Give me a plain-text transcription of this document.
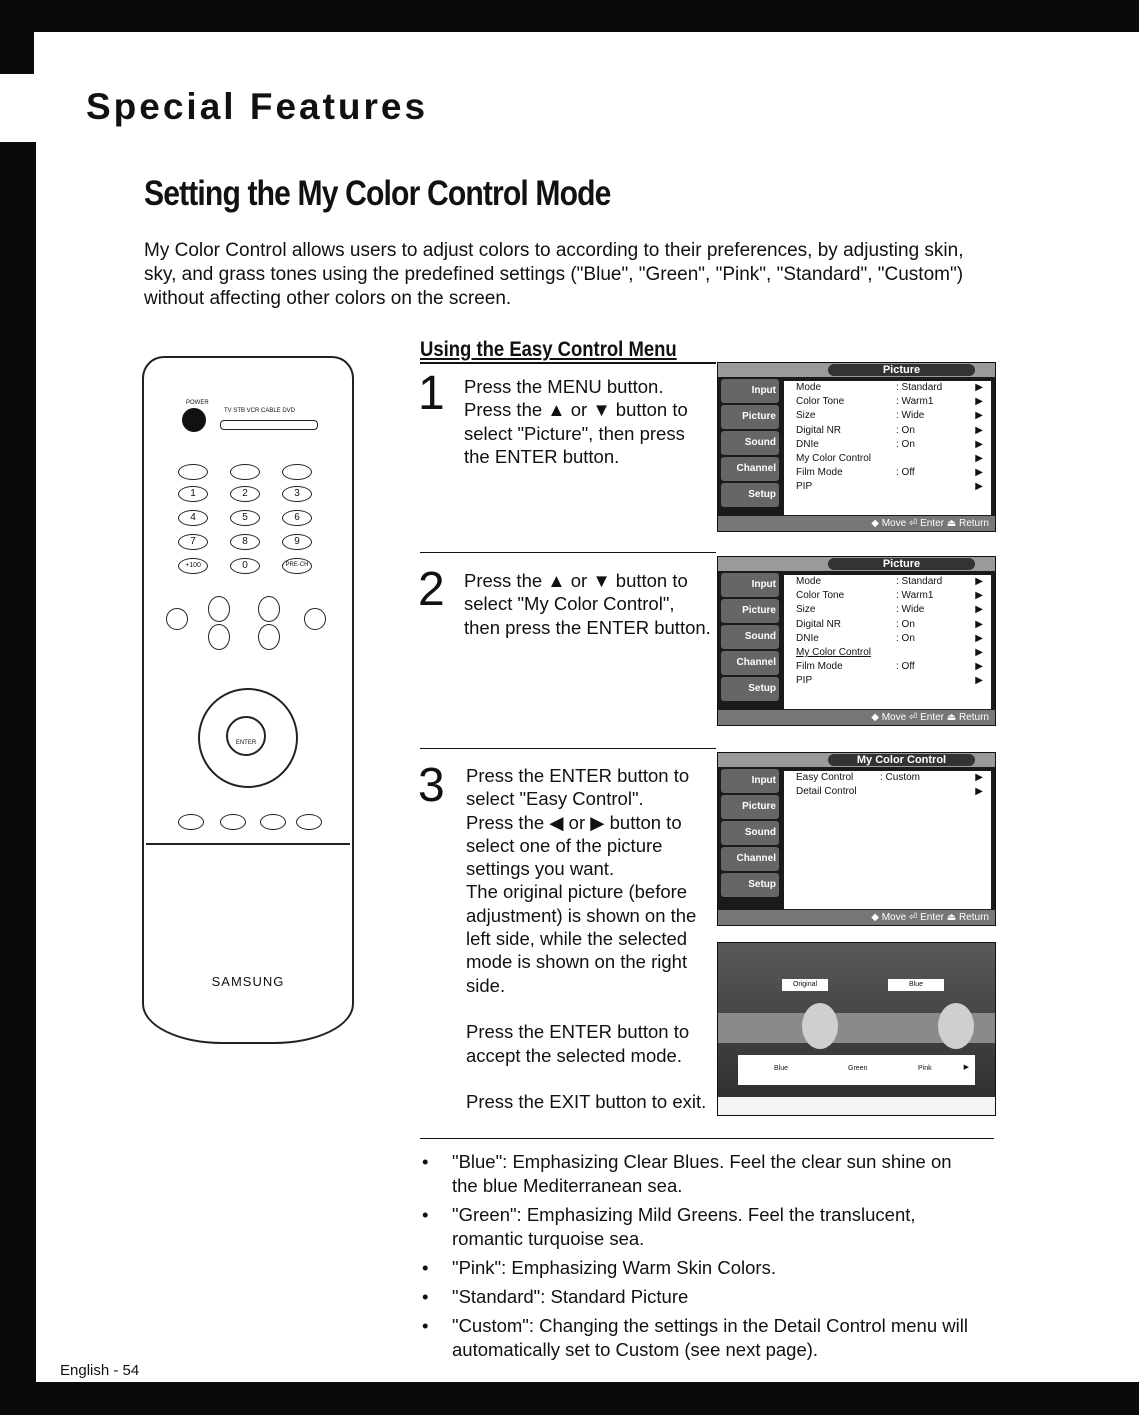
Special Features
Setting the My Color Control Mode
My Color Control allows users to adjust colors to according to their preferences, by adjusting skin, sky, and grass tones using the predefined settings ("Blue", "Green", "Pink", "Standard", "Custom") without affecting other colors on the screen.
Using the Easy Control Menu
POWER
TV STB VCR CABLE DVD
1	2	3
4	5	6
7	8	9
+100	0	PRE-CH
ENTER
SAMSUNG
1 Press the MENU button.
Press the ▲ or ▼ button to select "Picture", then press the ENTER button.
Picture
Input
Picture
Sound
Channel
Setup
Mode	: Standard	▶
Color Tone	: Warm1	▶
Size	: Wide	▶
Digital NR	: On	▶
DNIe	: On	▶
My Color Control	▶
Film Mode	: Off	▶
PIP	▶
◆ Move ⏎ Enter ⏏ Return
2 Press the ▲ or ▼ button to select "My Color Control", then press the ENTER button.
Picture
Input
Picture
Sound
Channel
Setup
Mode	: Standard	▶
Color Tone	: Warm1	▶
Size	: Wide	▶
Digital NR	: On	▶
DNIe	: On	▶
My Color Control	▶
Film Mode	: Off	▶
PIP	▶
◆ Move ⏎ Enter ⏏ Return
3 Press the ENTER button to select "Easy Control".
Press the ◀ or ▶ button to select one of the picture settings you want.
The original picture (before adjustment) is shown on the left side, while the selected mode is shown on the right side.

Press the ENTER button to accept the selected mode.

Press the EXIT button to exit.
My Color Control
Input
Picture
Sound
Channel
Setup
Easy Control	: Custom	▶
Detail Control	▶
◆ Move ⏎ Enter ⏏ Return
Original	Blue
Blue	Green	Pink	▶
• "Blue": Emphasizing Clear Blues. Feel the clear sun shine on the blue Mediterranean sea.
• "Green": Emphasizing Mild Greens. Feel the translucent, romantic turquoise sea.
• "Pink": Emphasizing Warm Skin Colors.
• "Standard": Standard Picture
• "Custom": Changing the settings in the Detail Control menu will automatically set to Custom (see next page).
English - 54
